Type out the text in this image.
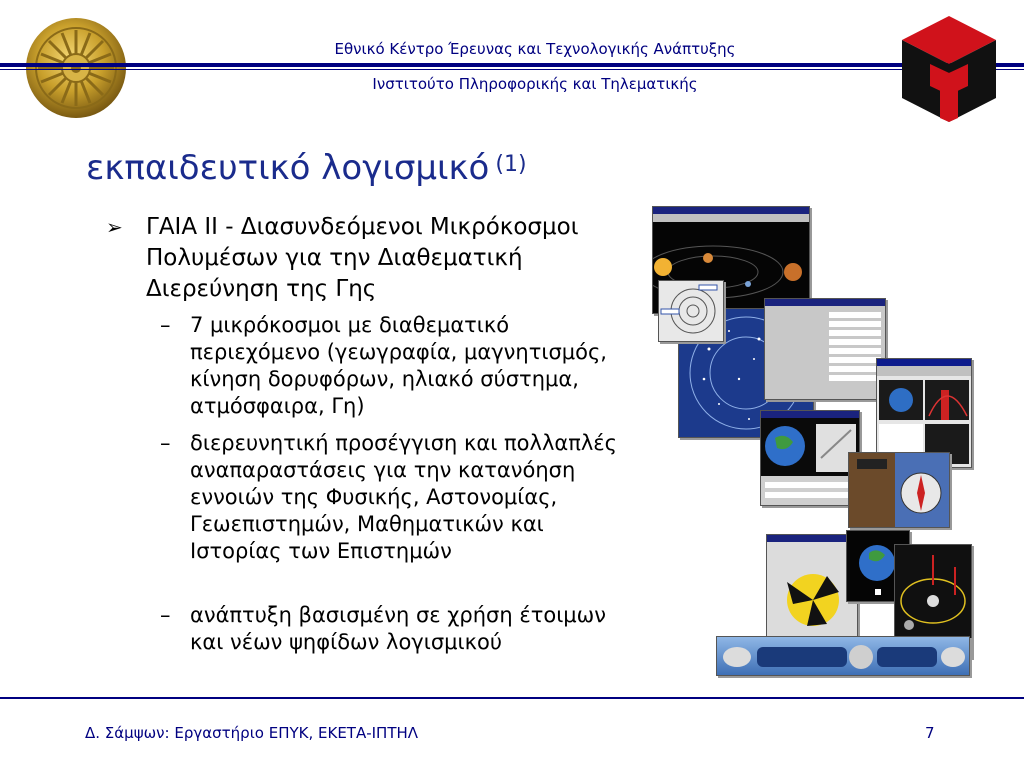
Εθνικό Κέντρο Έρευνας και Τεχνολογικής Ανάπτυξης
Ινστιτούτο Πληροφορικής και Τηλεματικής
εκπαιδευτικό λογισμικό $^{(1)}$
➢ ΓΑΙΑ ΙΙ - Διασυνδεόμενοι Μικρόκοσμοι Πολυμέσων για την Διαθεματική Διερεύνηση της Γης
– 7 μικρόκοσμοι με διαθεματικό περιεχόμενο (γεωγραφία, μαγνητισμός, κίνηση δορυφόρων, ηλιακό σύστημα, ατμόσφαιρα, Γη)
– διερευνητική προσέγγιση και πολλαπλές αναπαραστάσεις για την κατανόηση εννοιών της Φυσικής, Αστονομίας, Γεωεπιστημών, Μαθηματικών και Ιστορίας των Επιστημών
– ανάπτυξη βασισμένη σε χρήση έτοιμων και νέων ψηφίδων λογισμικού
Δ. Σάμψων: Εργαστήριο ΕΠΥΚ, ΕΚΕΤΑ-ΙΠΤΗΛ	7
